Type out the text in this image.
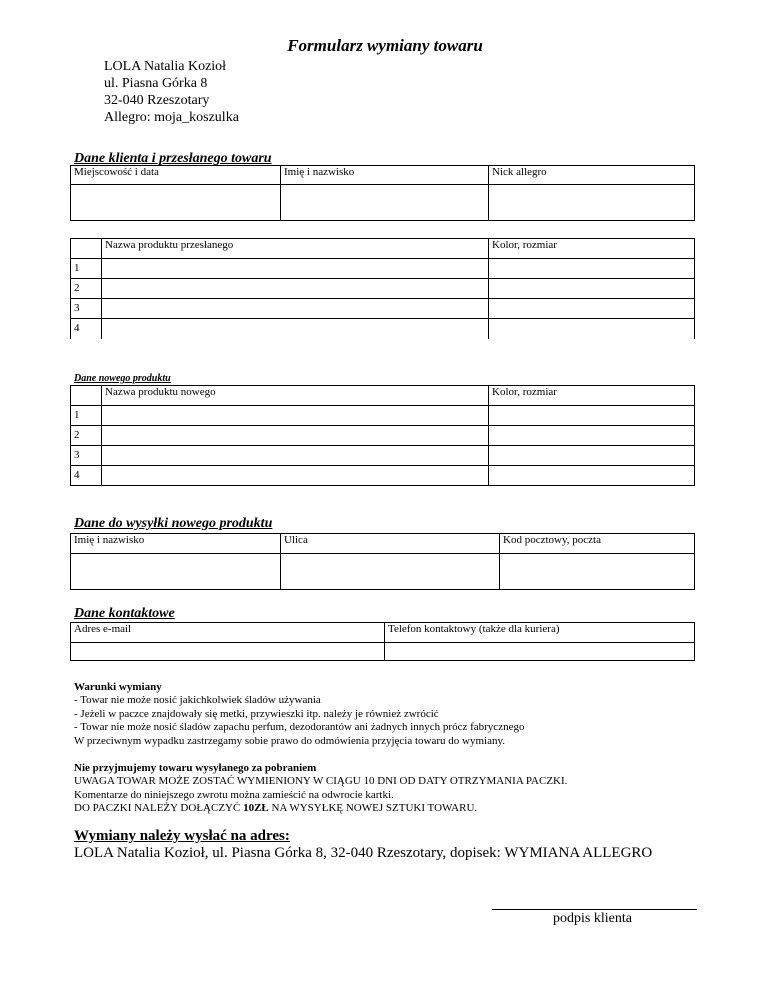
Formularz wymiany towaru
LOLA Natalia Kozioł
ul. Piasna Górka 8
32-040 Rzeszotary
Allegro: moja_koszulka
Dane klienta i przesłanego towaru
Miejscowość i data	Imię i nazwisko	Nick allegro

	Nazwa produktu przesłanego	Kolor, rozmiar
1		
2		
3		
4		
Dane nowego produktu
	Nazwa produktu nowego	Kolor, rozmiar
1		
2		
3		
4		
Dane do wysyłki nowego produktu
Imię i nazwisko	Ulica	Kod pocztowy, poczta

Dane kontaktowe
Adres e-mail	Telefon kontaktowy (także dla kuriera)

Warunki wymiany
- Towar nie może nosić jakichkolwiek śladów używania
- Jeżeli w paczce znajdowały się metki, przywieszki itp. należy je również zwrócić
- Towar nie może nosić śladów zapachu perfum, dezodorantów ani żadnych innych prócz fabrycznego
W przeciwnym wypadku zastrzegamy sobie prawo do odmówienia przyjęcia towaru do wymiany.
Nie przyjmujemy towaru wysyłanego za pobraniem
UWAGA TOWAR MOŻE ZOSTAĆ WYMIENIONY W CIĄGU 10 DNI OD DATY OTRZYMANIA PACZKI.
Komentarze do niniejszego zwrotu można zamieścić na odwrocie kartki.
DO PACZKI NALEŻY DOŁĄCZYĆ 10ZŁ NA WYSYŁKĘ NOWEJ SZTUKI TOWARU.
Wymiany należy wysłać na adres:
LOLA Natalia Kozioł, ul. Piasna Górka 8, 32-040 Rzeszotary, dopisek: WYMIANA ALLEGRO
podpis klienta
